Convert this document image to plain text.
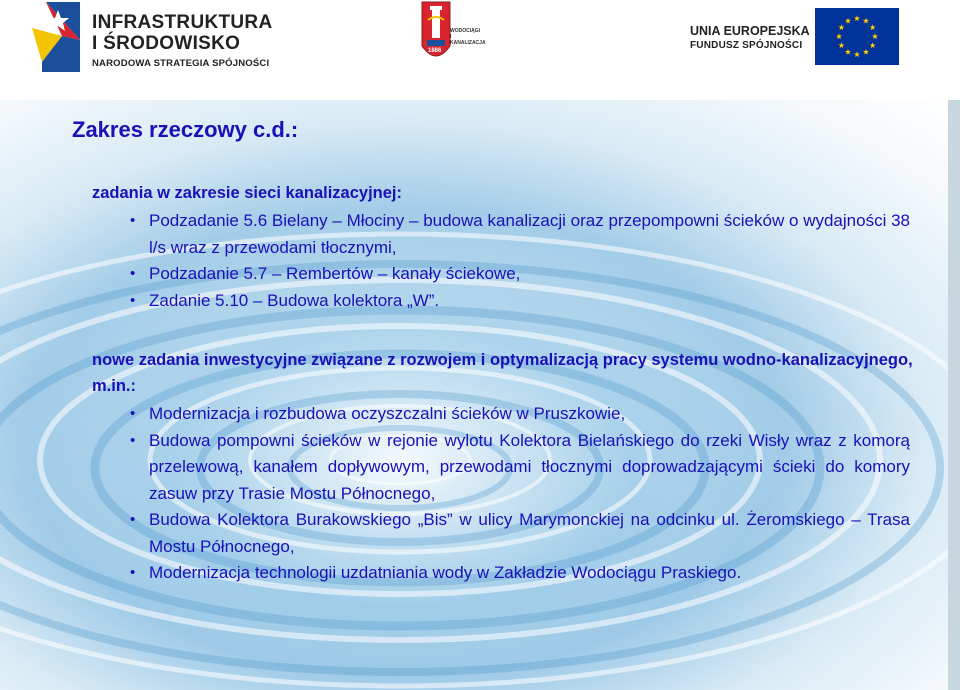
INFRASTRUKTURA
I ŚRODOWISKO
NARODOWA STRATEGIA SPÓJNOŚCI
WODOCIĄGI I KANALIZACJA
1886
UNIA EUROPEJSKA
FUNDUSZ SPÓJNOŚCI
Zakres rzeczowy c.d.:

zadania w zakresie sieci kanalizacyjnej:

• Podzadanie 5.6 Bielany – Młociny – budowa kanalizacji oraz przepompowni ścieków o wydajności 38 l/s wraz z przewodami tłocznymi,
• Podzadanie 5.7 – Rembertów – kanały ściekowe,
• Zadanie 5.10 – Budowa kolektora „W”.

nowe zadania inwestycyjne związane z rozwojem i optymalizacją pracy systemu wodno-kanalizacyjnego, m.in.:

• Modernizacja i rozbudowa oczyszczalni ścieków w Pruszkowie,
• Budowa pompowni ścieków w rejonie wylotu Kolektora Bielańskiego do rzeki Wisły wraz z komorą przelewową, kanałem dopływowym, przewodami tłocznymi doprowadzającymi ścieki do komory zasuw przy Trasie Mostu Północnego,
• Budowa Kolektora Burakowskiego „Bis” w ulicy Marymonckiej na odcinku ul. Żeromskiego – Trasa Mostu Północnego,
• Modernizacja technologii uzdatniania wody w Zakładzie Wodociągu Praskiego.
